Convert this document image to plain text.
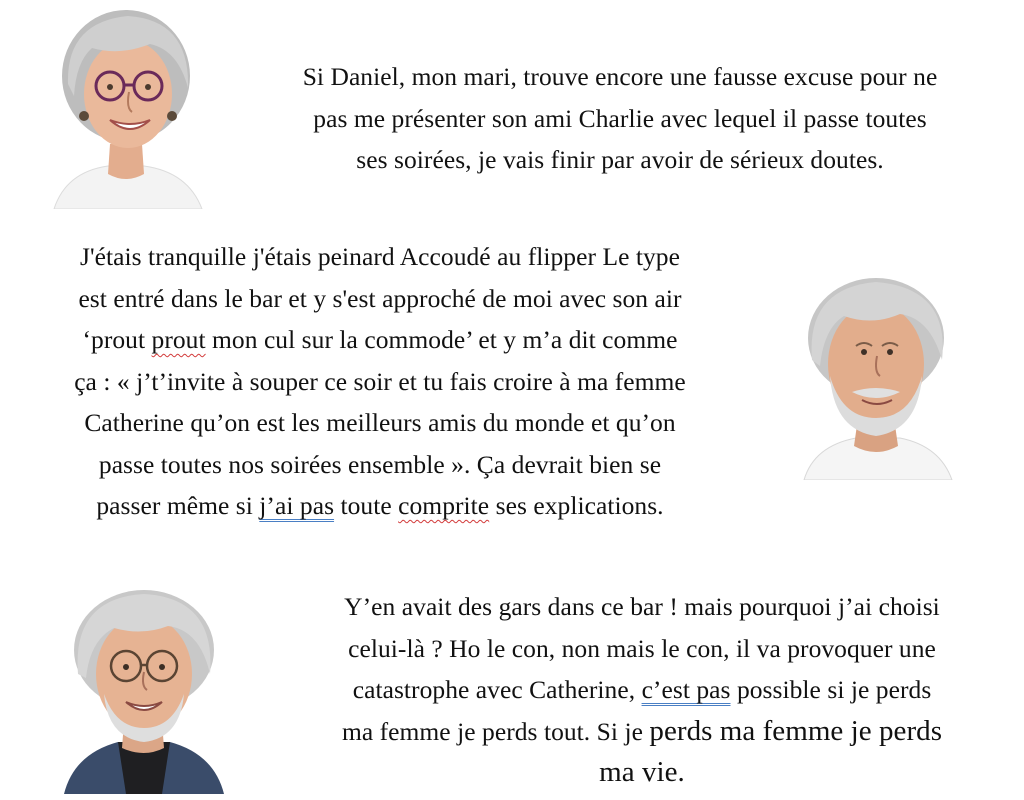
Si Daniel, mon mari, trouve encore une fausse excuse pour ne
pas me présenter son ami Charlie avec lequel il passe toutes
ses soirées, je vais finir par avoir de sérieux doutes.
J'étais tranquille j'étais peinard Accoudé au flipper Le type
est entré dans le bar et y s'est approché de moi avec son air
‘prout prout mon cul sur la commode’ et y m’a dit comme
ça : « j’t’invite à souper ce soir et tu fais croire à ma femme
Catherine qu’on est les meilleurs amis du monde et qu’on
passe toutes nos soirées ensemble ». Ça devrait bien se
passer même si j’ai pas toute comprite ses explications.
Y’en avait des gars dans ce bar ! mais pourquoi j’ai choisi
celui-là ? Ho le con, non mais le con, il va provoquer une
catastrophe avec Catherine, c’est pas possible si je perds
ma femme je perds tout. Si je perds ma femme je perds
ma vie.
